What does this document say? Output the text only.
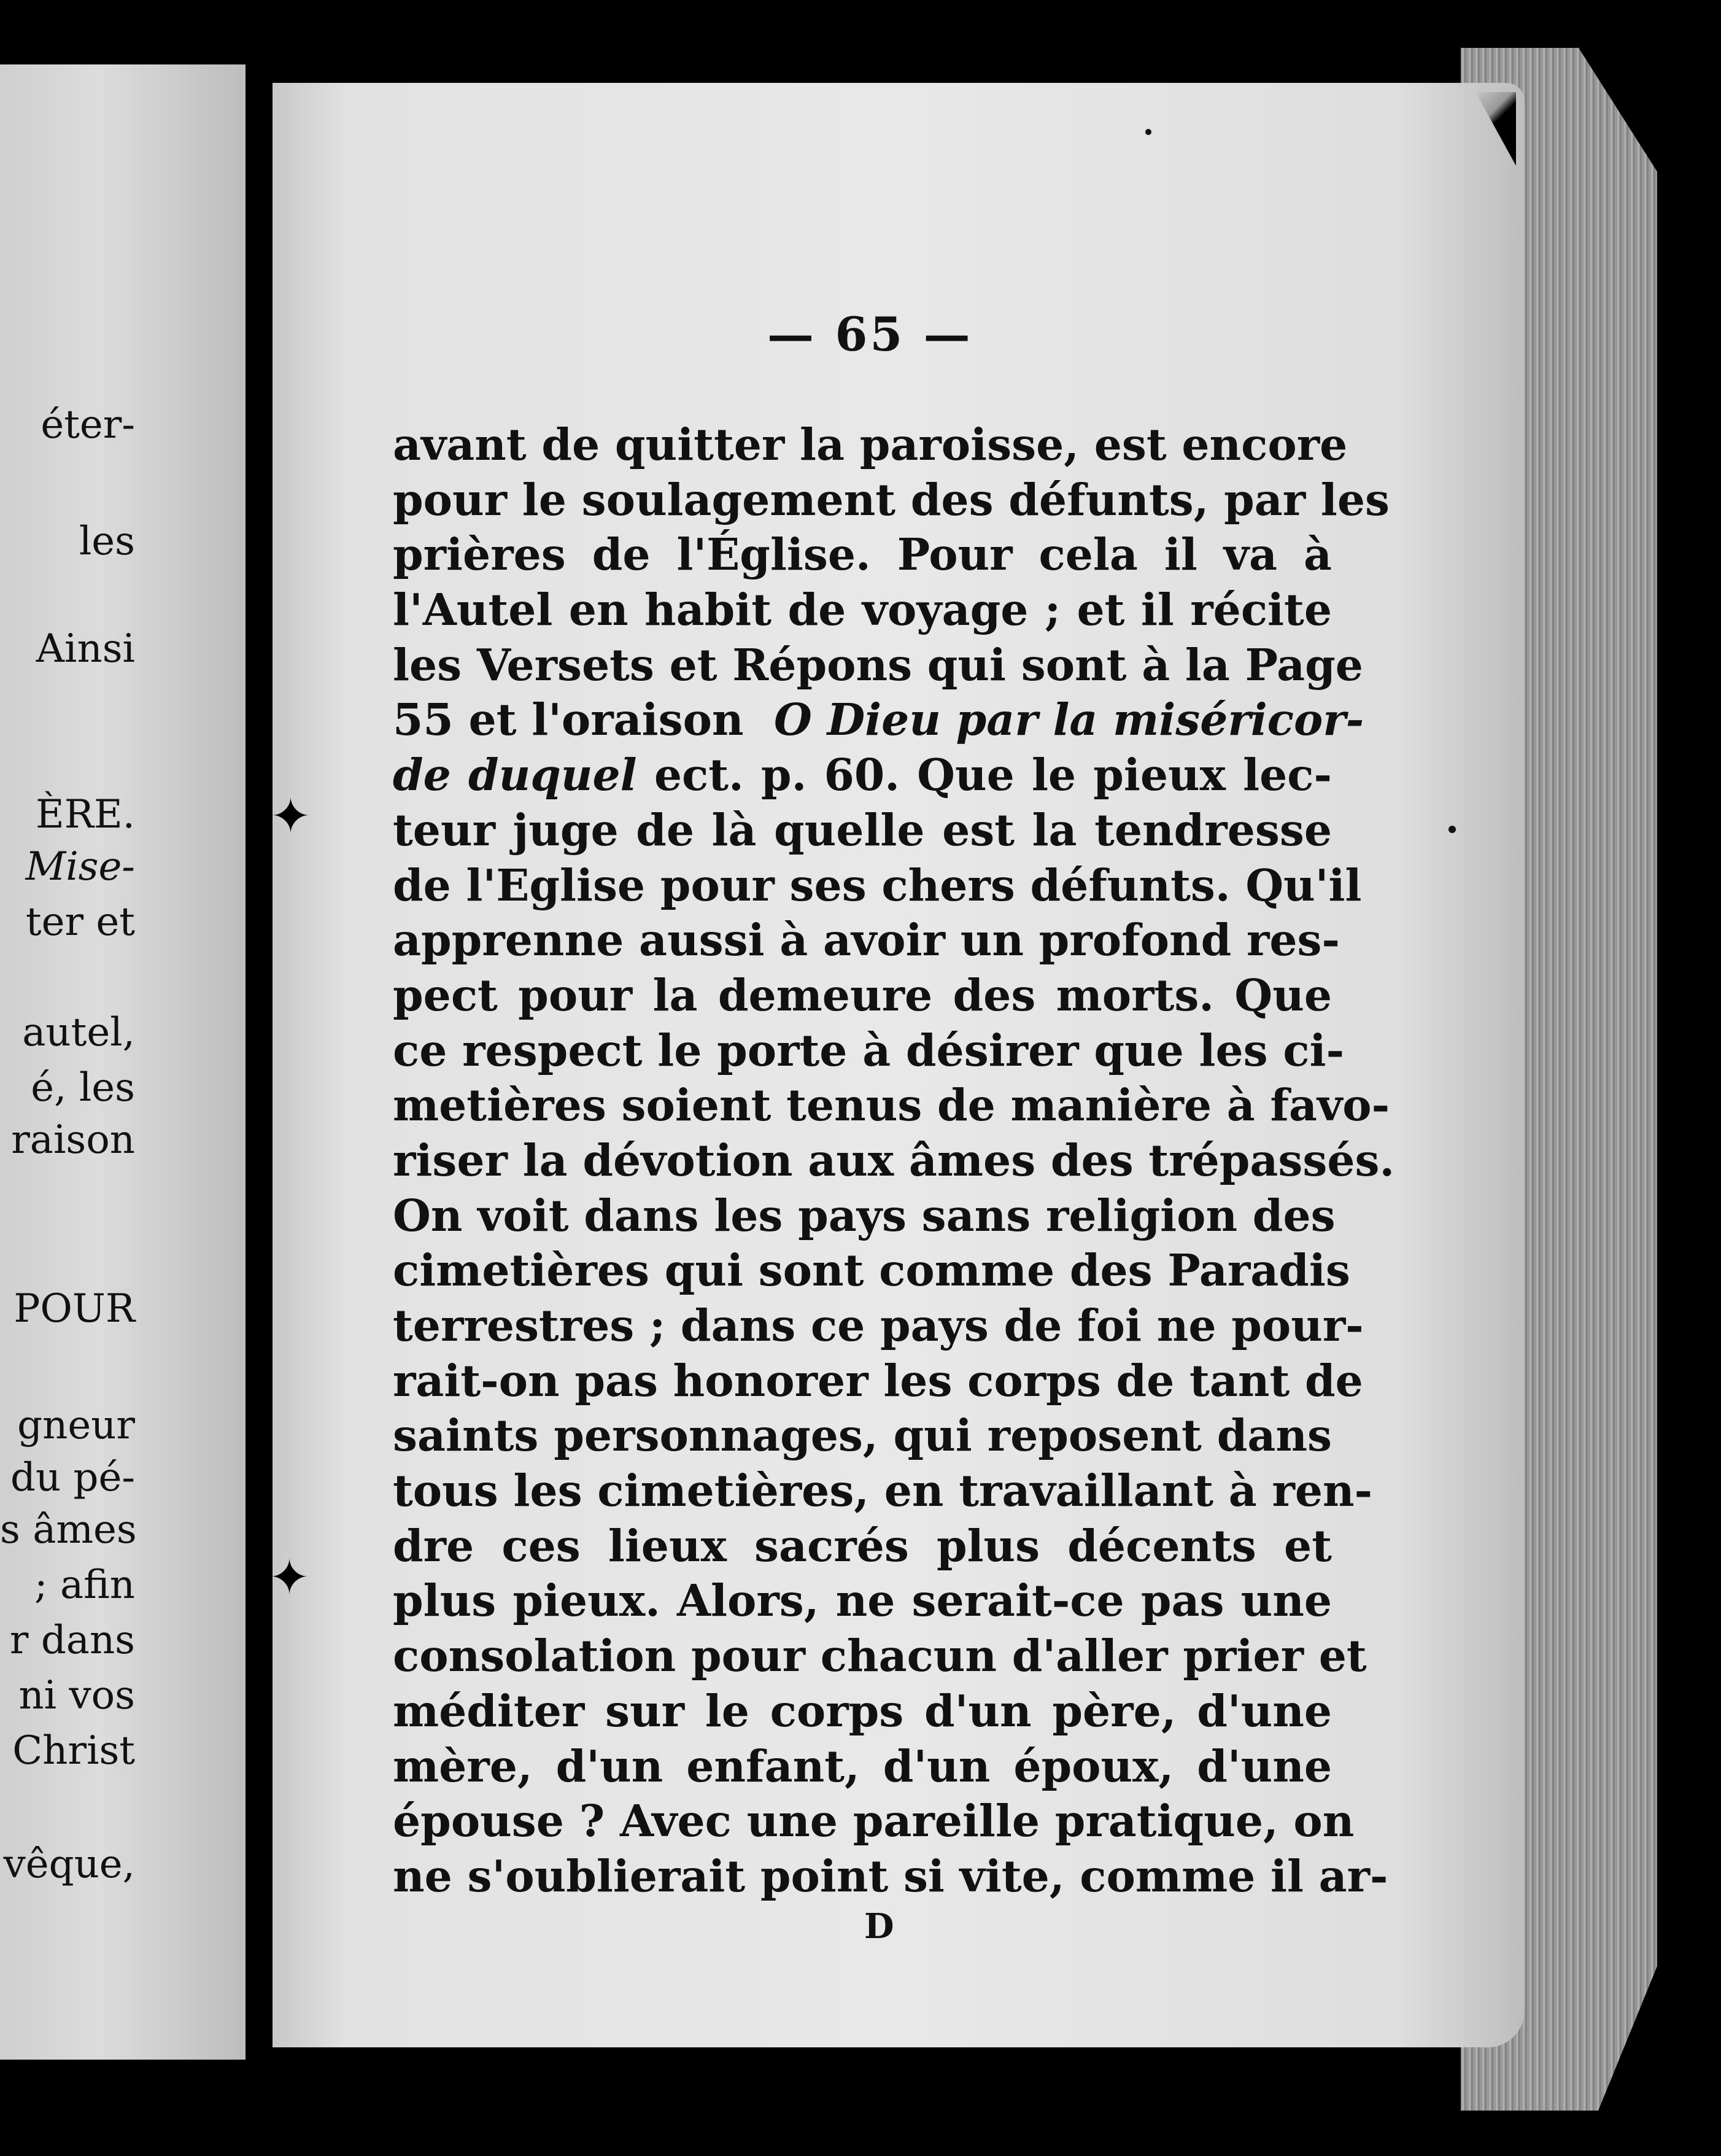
éter-
les
Ainsi
ÈRE.
Mise-
ter et
autel,
é, les
raison
POUR
gneur
du pé-
s âmes
; afin
r dans
ni vos
Christ
vêque,
— 65 —
avant de quitter la paroisse, est encore
pour le soulagement des défunts, par les
prières de l'Église. Pour cela il va à
l'Autel en habit de voyage ; et il récite
les Versets et Répons qui sont à la Page
55 et l'oraison O Dieu par la miséricor-
de duquel ect. p. 60. Que le pieux lec-
teur juge de là quelle est la tendresse
de l'Eglise pour ses chers défunts. Qu'il
apprenne aussi à avoir un profond res-
pect pour la demeure des morts. Que
ce respect le porte à désirer que les ci-
metières soient tenus de manière à favo-
riser la dévotion aux âmes des trépassés.
On voit dans les pays sans religion des
cimetières qui sont comme des Paradis
terrestres ; dans ce pays de foi ne pour-
rait-on pas honorer les corps de tant de
saints personnages, qui reposent dans
tous les cimetières, en travaillant à ren-
dre ces lieux sacrés plus décents et
plus pieux. Alors, ne serait-ce pas une
consolation pour chacun d'aller prier et
méditer sur le corps d'un père, d'une
mère, d'un enfant, d'un époux, d'une
épouse ? Avec une pareille pratique, on
ne s'oublierait point si vite, comme il ar-
D
✦
✦
